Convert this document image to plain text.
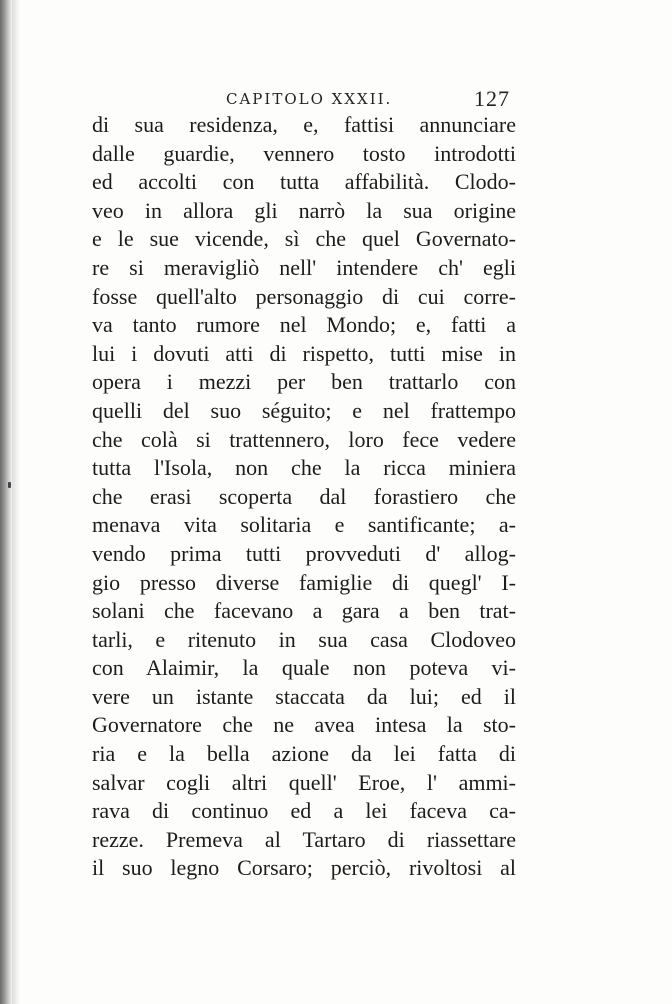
CAPITOLO XXXII.	127
di sua residenza, e, fattisi annunciare
dalle guardie, vennero tosto introdotti
ed accolti con tutta affabilità. Clodo-
veo in allora gli narrò la sua origine
e le sue vicende, sì che quel Governato-
re si meravigliò nell' intendere ch' egli
fosse quell'alto personaggio di cui corre-
va tanto rumore nel Mondo; e, fatti a
lui i dovuti atti di rispetto, tutti mise in
opera i mezzi per ben trattarlo con
quelli del suo séguito; e nel frattempo
che colà si trattennero, loro fece vedere
tutta l'Isola, non che la ricca miniera
che erasi scoperta dal forastiero che
menava vita solitaria e santificante; a-
vendo prima tutti provveduti d' allog-
gio presso diverse famiglie di quegl' I-
solani che facevano a gara a ben trat-
tarli, e ritenuto in sua casa Clodoveo
con Alaimir, la quale non poteva vi-
vere un istante staccata da lui; ed il
Governatore che ne avea intesa la sto-
ria e la bella azione da lei fatta di
salvar cogli altri quell' Eroe, l' ammi-
rava di continuo ed a lei faceva ca-
rezze. Premeva al Tartaro di riassettare
il suo legno Corsaro; perciò, rivoltosi al
